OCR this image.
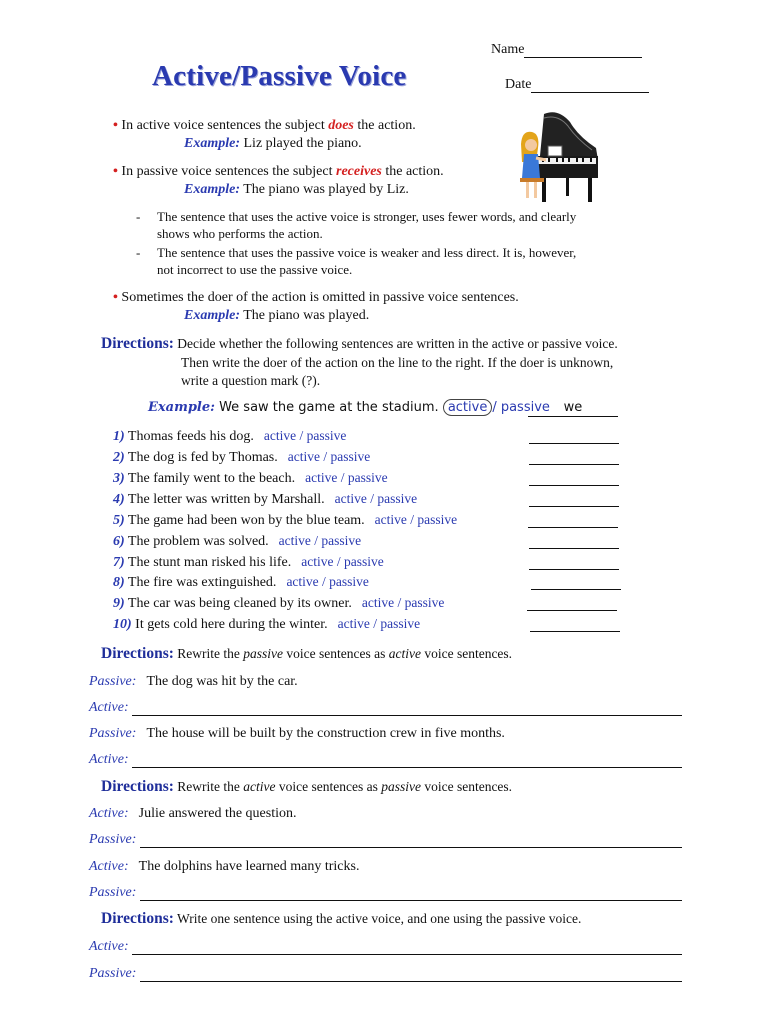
Active/Passive Voice
Name
Date
• In active voice sentences the subject does the action.
Example: Liz played the piano.
• In passive voice sentences the subject receives the action.
Example: The piano was played by Liz.
- The sentence that uses the active voice is stronger, uses fewer words, and clearly
shows who performs the action.
- The sentence that uses the passive voice is weaker and less direct. It is, however,
not incorrect to use the passive voice.
• Sometimes the doer of the action is omitted in passive voice sentences.
Example: The piano was played.
Directions: Decide whether the following sentences are written in the active or passive voice.
Then write the doer of the action on the line to the right. If the doer is unknown,
write a question mark (?).
Example: We saw the game at the stadium. active / passive	we
1) Thomas feeds his dog. active / passive
2) The dog is fed by Thomas. active / passive
3) The family went to the beach. active / passive
4) The letter was written by Marshall. active / passive
5) The game had been won by the blue team. active / passive
6) The problem was solved. active / passive
7) The stunt man risked his life. active / passive
8) The fire was extinguished. active / passive
9) The car was being cleaned by its owner. active / passive
10) It gets cold here during the winter. active / passive
Directions: Rewrite the passive voice sentences as active voice sentences.
Passive: The dog was hit by the car.
Active:
Passive: The house will be built by the construction crew in five months.
Active:
Directions: Rewrite the active voice sentences as passive voice sentences.
Active: Julie answered the question.
Passive:
Active: The dolphins have learned many tricks.
Passive:
Directions: Write one sentence using the active voice, and one using the passive voice.
Active:
Passive:
